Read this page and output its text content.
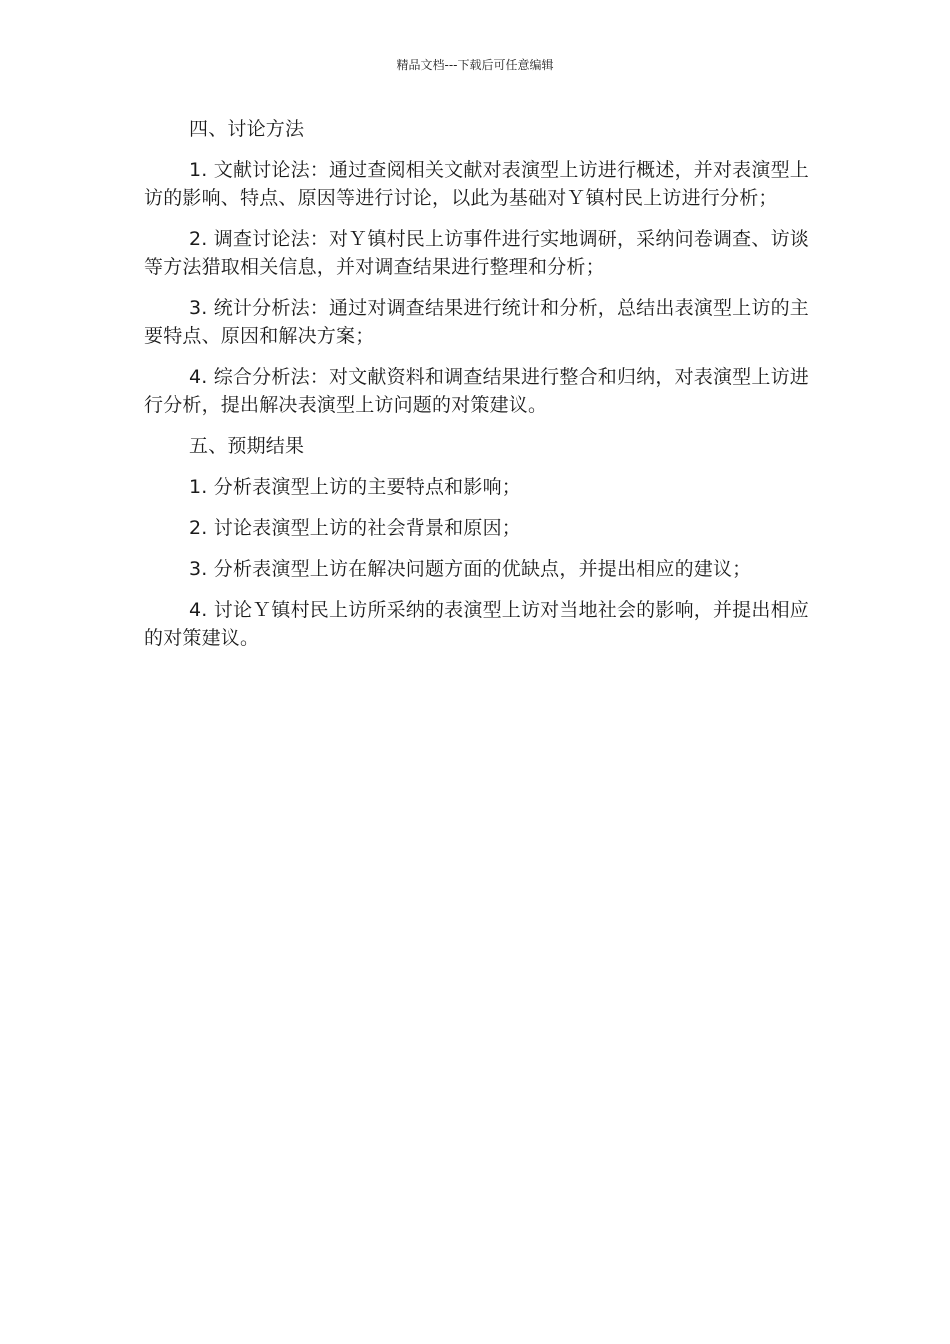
精品文档---下载后可任意编辑

四、讨论方法

1. 文献讨论法：通过查阅相关文献对表演型上访进行概述，并对表演型上访的影响、特点、原因等进行讨论，以此为基础对Ｙ镇村民上访进行分析；

2. 调查讨论法：对Ｙ镇村民上访事件进行实地调研，采纳问卷调查、访谈等方法猎取相关信息，并对调查结果进行整理和分析；

3. 统计分析法：通过对调查结果进行统计和分析，总结出表演型上访的主要特点、原因和解决方案；

4. 综合分析法：对文献资料和调查结果进行整合和归纳，对表演型上访进行分析，提出解决表演型上访问题的对策建议。

五、预期结果

1. 分析表演型上访的主要特点和影响；

2. 讨论表演型上访的社会背景和原因；

3. 分析表演型上访在解决问题方面的优缺点，并提出相应的建议；

4. 讨论Ｙ镇村民上访所采纳的表演型上访对当地社会的影响，并提出相应的对策建议。
